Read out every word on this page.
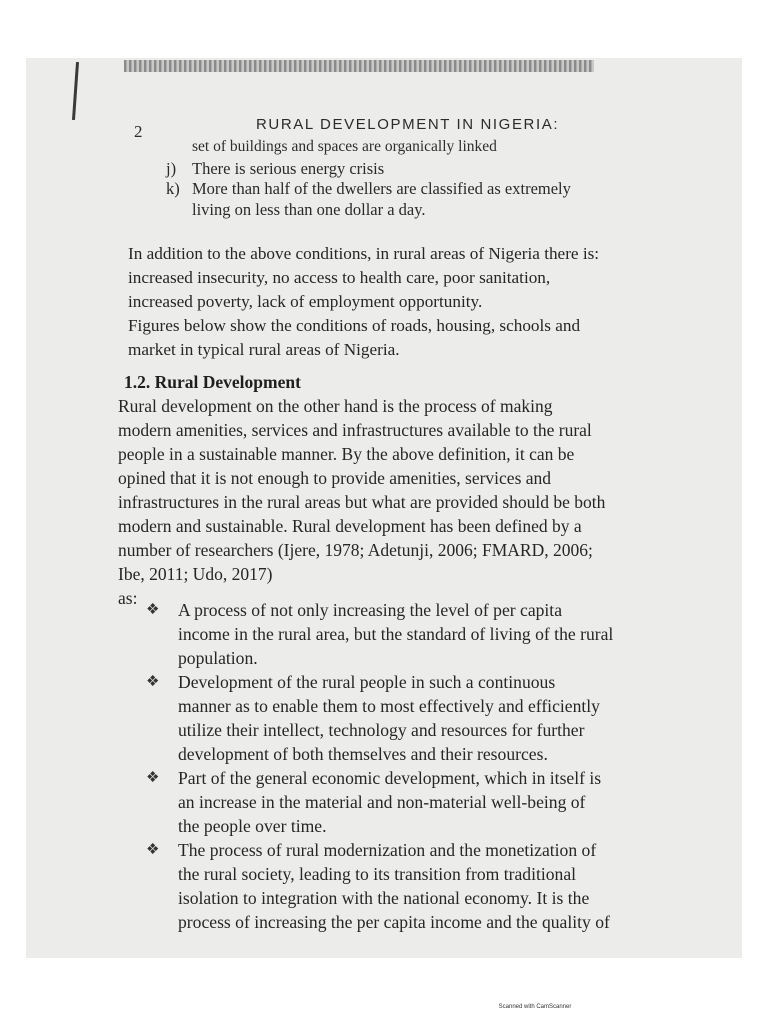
2	RURAL DEVELOPMENT IN NIGERIA:
set of buildings and spaces are organically linked
j) There is serious energy crisis
k) More than half of the dwellers are classified as extremely
living on less than one dollar a day.
In addition to the above conditions, in rural areas of Nigeria there is:
increased insecurity, no access to health care, poor sanitation,
increased poverty, lack of employment opportunity.
Figures below show the conditions of roads, housing, schools and
market in typical rural areas of Nigeria.
1.2. Rural Development
Rural development on the other hand is the process of making
modern amenities, services and infrastructures available to the rural
people in a sustainable manner. By the above definition, it can be
opined that it is not enough to provide amenities, services and
infrastructures in the rural areas but what are provided should be both
modern and sustainable. Rural development has been defined by a
number of researchers (Ijere, 1978; Adetunji, 2006; FMARD, 2006;
Ibe, 2011; Udo, 2017)
as:
❖ A process of not only increasing the level of per capita
income in the rural area, but the standard of living of the rural
population.
❖ Development of the rural people in such a continuous
manner as to enable them to most effectively and efficiently
utilize their intellect, technology and resources for further
development of both themselves and their resources.
❖ Part of the general economic development, which in itself is
an increase in the material and non-material well-being of
the people over time.
❖ The process of rural modernization and the monetization of
the rural society, leading to its transition from traditional
isolation to integration with the national economy. It is the
process of increasing the per capita income and the quality of
Scanned with CamScanner
